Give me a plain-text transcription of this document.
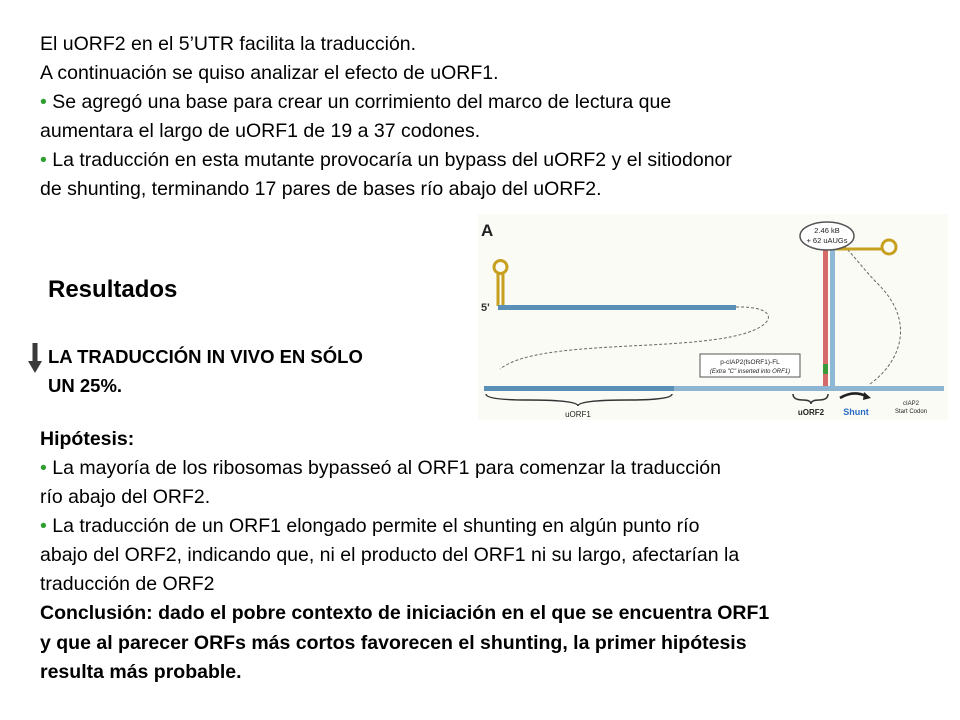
El uORF2 en el 5’UTR facilita la traducción.
A continuación se quiso analizar el efecto de uORF1.
• Se agregó una base para crear un corrimiento del marco de lectura que
aumentara el largo de uORF1 de 19 a 37 codones.
• La traducción en esta mutante provocaría un bypass del uORF2 y el sitiodonor
de shunting, terminando 17 pares de bases río abajo del uORF2.
Resultados
LA TRADUCCIÓN IN VIVO EN SÓLO
UN 25%.
A
5'
2.46 kB
+ 62 uAUGs
p-cIAP2(fsORF1)-FL
(Extra "C" inserted into ORF1)
uORF1	uORF2 Shunt
cIAP2
Start Codon
Hipótesis:
• La mayoría de los ribosomas bypasseó al ORF1 para comenzar la traducción
río abajo del ORF2.
• La traducción de un ORF1 elongado permite el shunting en algún punto río
abajo del ORF2, indicando que, ni el producto del ORF1 ni su largo, afectarían la
traducción de ORF2
Conclusión: dado el pobre contexto de iniciación en el que se encuentra ORF1
y que al parecer ORFs más cortos favorecen el shunting, la primer hipótesis
resulta más probable.
